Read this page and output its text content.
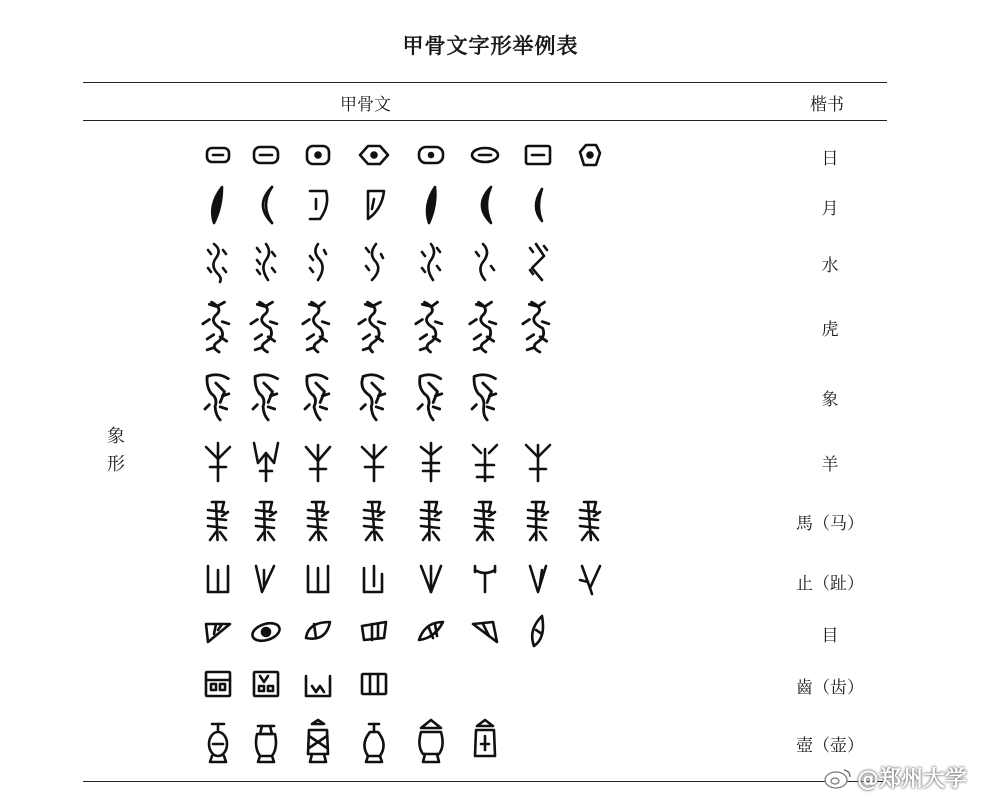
甲骨文字形举例表
甲骨文	楷书
象
形
日
月
水
虎
象
羊
馬（马）
止（趾）
目
齒（齿）
壺（壶）
@郑州大学
